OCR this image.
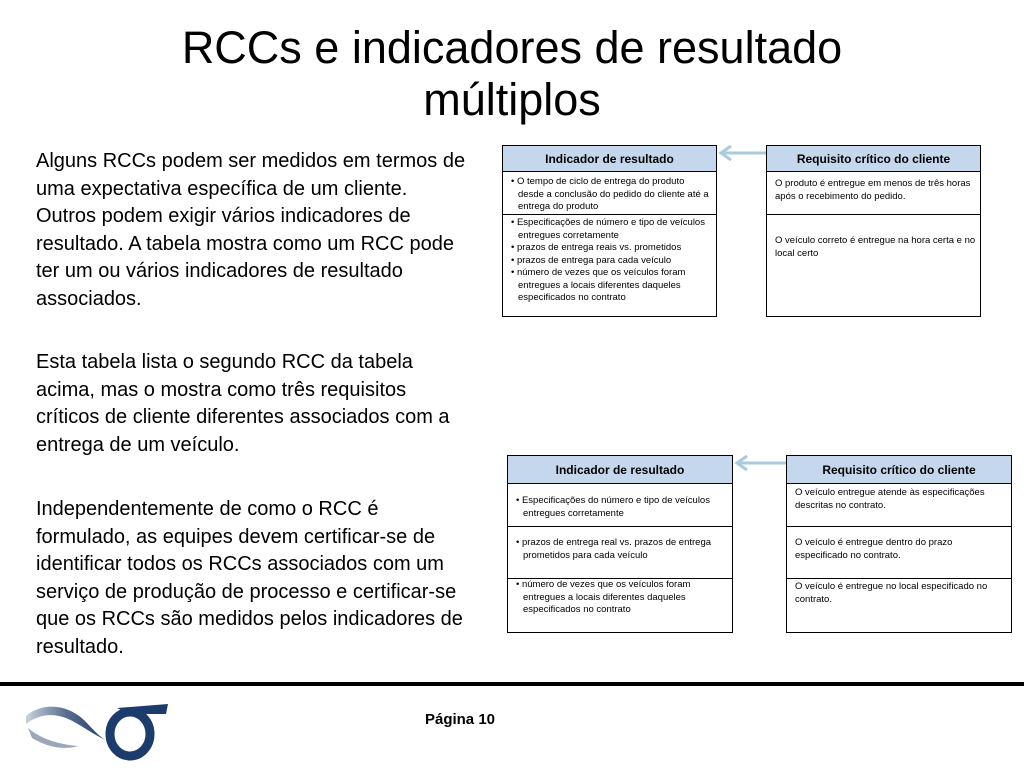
RCCs e indicadores de resultado
múltiplos
Alguns RCCs podem ser medidos em termos de uma expectativa específica de um cliente. Outros podem exigir vários indicadores de resultado. A tabela mostra como um RCC pode ter um ou vários indicadores de resultado associados.
Esta tabela lista o segundo RCC da tabela acima, mas o mostra como três requisitos críticos de cliente diferentes associados com a entrega de um veículo.
Independentemente de como o RCC é formulado, as equipes devem certificar-se de identificar todos os RCCs associados com um serviço de produção de processo e certificar-se que os RCCs são medidos pelos indicadores de resultado.
Indicador de resultado
• O tempo de ciclo de entrega do produto desde a conclusão do pedido do cliente até a entrega do produto
• Especificações de número e tipo de veículos entregues corretamente
• prazos de entrega reais vs. prometidos
• prazos de entrega para cada veículo
• número de vezes que os veículos foram entregues a locais diferentes daqueles especificados no contrato
Requisito crítico do cliente
O produto é entregue em menos de três horas após o recebimento do pedido.
O veículo correto é entregue na hora certa e no local certo
Indicador de resultado
• Especificações do número e tipo de veículos entregues corretamente
• prazos de entrega real vs. prazos de entrega prometidos para cada veículo
• número de vezes que os veículos foram entregues a locais diferentes daqueles especificados no contrato
Requisito crítico do cliente
O veículo entregue atende às especificações descritas no contrato.
O veículo é entregue dentro do prazo especificado no contrato.
O veículo é entregue no local especificado no contrato.
Página 10
